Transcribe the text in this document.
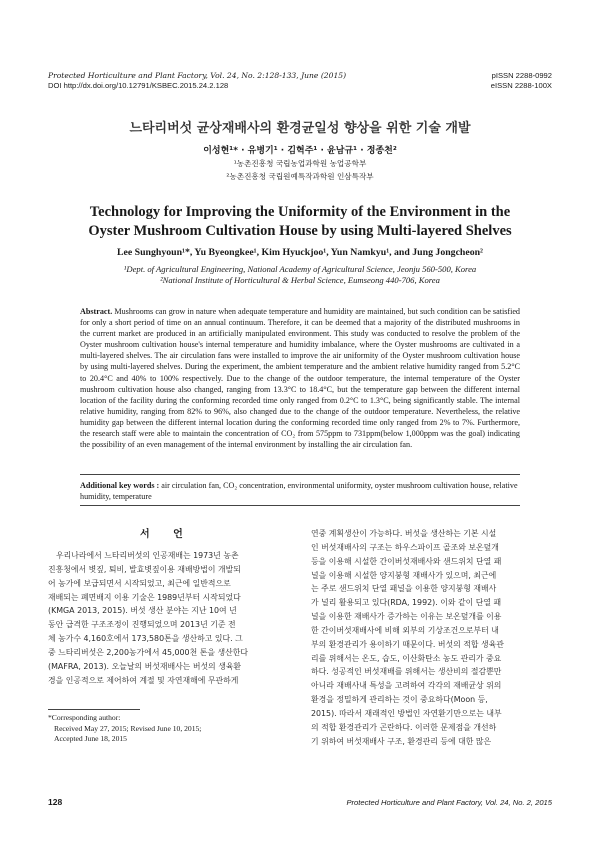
Protected Horticulture and Plant Factory, Vol. 24, No. 2:128-133, June (2015)
DOI http://dx.doi.org/10.12791/KSBEC.2015.24.2.128
pISSN 2288-0992
eISSN 2288-100X
느타리버섯 균상재배사의 환경균일성 향상을 위한 기술 개발
이성현¹* · 유병기¹ · 김혁주¹ · 윤남규¹ · 정종천²
¹농촌진흥청 국립농업과학원 농업공학부
²농촌진흥청 국립원예특작과학원 인삼특작부
Technology for Improving the Uniformity of the Environment in the
Oyster Mushroom Cultivation House by using Multi-layered Shelves
Lee Sunghyoun¹*, Yu Byeongkee¹, Kim Hyuckjoo¹, Yun Namkyu¹, and Jung Jongcheon²
¹Dept. of Agricultural Engineering, National Academy of Agricultural Science, Jeonju 560-500, Korea
²National Institute of Horticultural & Herbal Science, Eumseong 440-706, Korea
Abstract. Mushrooms can grow in nature when adequate temperature and humidity are maintained, but such condition can be satisfied for only a short period of time on an annual continuum. Therefore, it can be deemed that a majority of the distributed mushrooms in the current market are produced in an artificially manipulated environment. This study was conducted to resolve the problem of the Oyster mushroom cultivation house's internal temperature and humidity imbalance, where the Oyster mushrooms are cultivated in a multi-layered shelves. The air circulation fans were installed to improve the air uniformity of the Oyster mushroom cultivation house by using multi-layered shelves. During the experiment, the ambient temperature and the ambient relative humidity ranged from 5.2°C to 20.4°C and 40% to 100% respectively. Due to the change of the outdoor temperature, the internal temperature of the Oyster mushroom cultivation house also changed, ranging from 13.3°C to 18.4°C, but the temperature gap between the different internal location of the facility during the conforming recorded time only ranged from 0.2°C to 1.3°C, being significantly stable. The internal relative humidity, ranging from 82% to 96%, also changed due to the change of the outdoor temperature. Nevertheless, the relative humidity gap between the different internal location during the conforming recorded time only ranged from 2% to 7%. Furthermore, the research staff were able to maintain the concentration of CO₂ from 575ppm to 731ppm(below 1,000ppm was the goal) indicating the possibility of an even management of the internal environment by installing the air circulation fan.
Additional key words : air circulation fan, CO₂ concentration, environmental uniformity, oyster mushroom cultivation house, relative humidity, temperature
서 언
우리나라에서 느타리버섯의 인공재배는 1973년 농촌
진흥청에서 볏짚, 퇴비, 발효볏짚이용 재배방법이 개발되
어 농가에 보급되면서 시작되었고, 최근에 일반적으로
재배되는 폐면배지 이용 기술은 1989년부터 시작되었다
(KMGA 2013, 2015). 버섯 생산 분야는 지난 10여 년
동안 급격한 구조조정이 진행되었으며 2013년 기준 전
체 농가수 4,160호에서 173,580톤을 생산하고 있다. 그
중 느타리버섯은 2,200농가에서 45,000천 톤을 생산한다
(MAFRA, 2013). 오늘날의 버섯재배사는 버섯의 생육환
경을 인공적으로 제어하여 계절 및 자연재해에 무관하게
연중 계획생산이 가능하다. 버섯을 생산하는 기본 시설
인 버섯재배사의 구조는 하우스파이프 골조와 보온덮개
등을 이용해 시설한 간이버섯재배사와 샌드위치 단열 패
널을 이용해 시설한 양지붕형 재배사가 있으며, 최근에
는 주로 샌드위치 단열 패널을 이용한 양지붕형 재배사
가 널리 활용되고 있다(RDA, 1992). 이와 같이 단열 패
널을 이용한 재배사가 증가하는 이유는 보온덮개를 이용
한 간이버섯재배사에 비해 외부의 기상조건으로부터 내
부의 환경관리가 용이하기 때문이다. 버섯의 적합 생육관
리를 위해서는 온도, 습도, 이산화탄소 농도 관리가 중요
하다. 성공적인 버섯재배를 위해서는 생산비의 절감뿐만
아니라 재배사내 특성을 고려하여 각각의 재배균상 위의
환경을 정밀하게 관리하는 것이 중요하다(Moon 등,
2015). 따라서 재래적인 방법인 자연환기만으로는 내부
의 적합 환경관리가 곤란하다. 이러한 문제점을 개선하
기 위하여 버섯재배사 구조, 환경관리 등에 대한 많은
*Corresponding author:
Received May 27, 2015; Revised June 10, 2015;
Accepted June 18, 2015
128	Protected Horticulture and Plant Factory, Vol. 24, No. 2, 2015
